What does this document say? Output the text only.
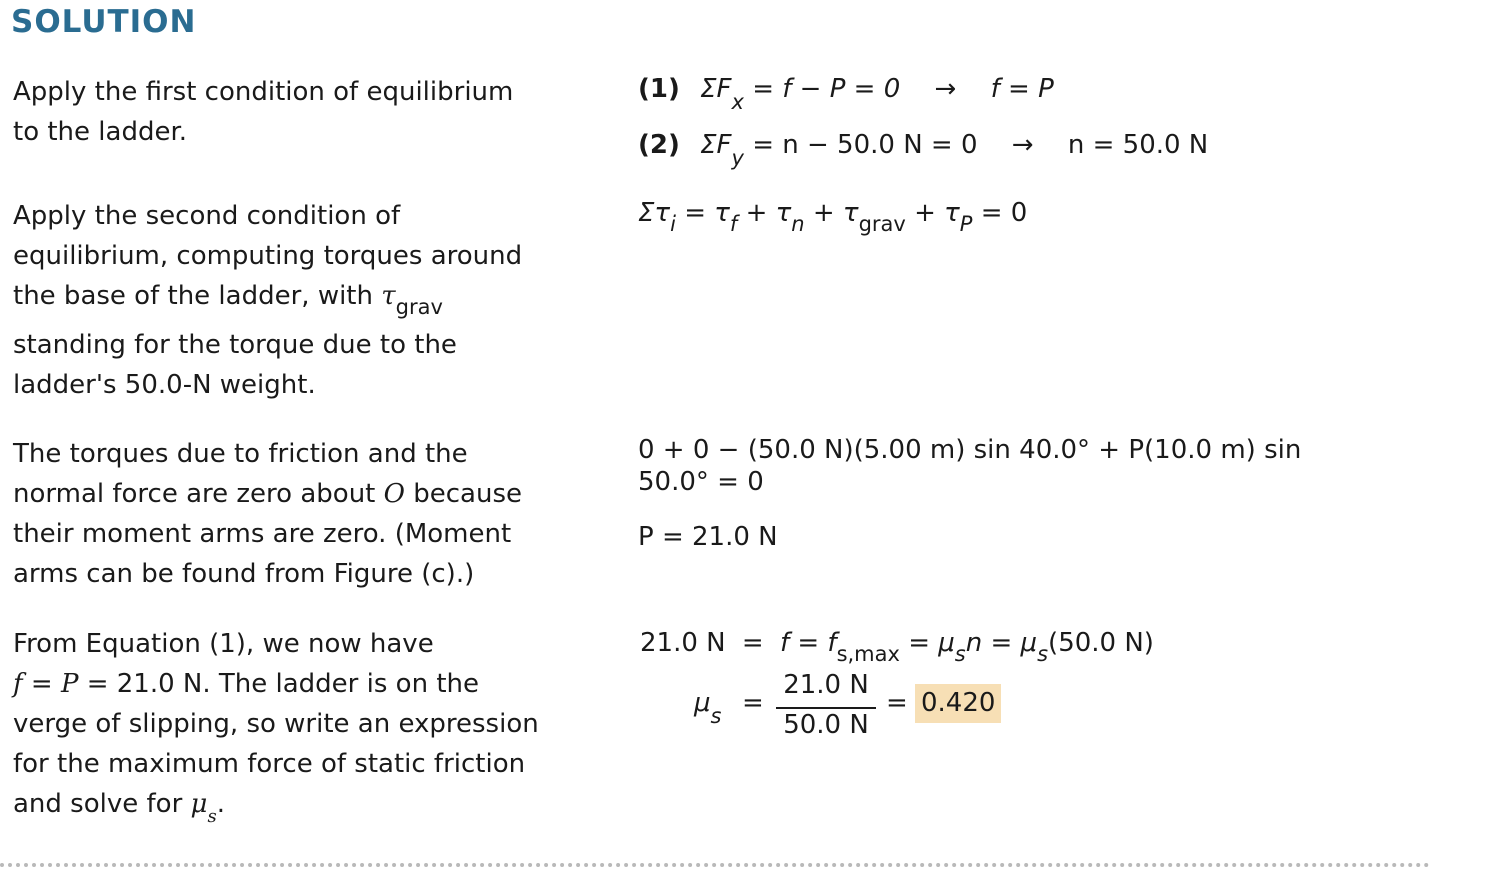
SOLUTION
Apply the first condition of equilibrium to the ladder.
(1) $\Sigma F_x = f - P = 0 \to f = P$
(2) $\Sigma F_y = n - 50.0$ N = 0 → n = 50.0 N
Apply the second condition of equilibrium, computing torques around the base of the ladder, with $\tau_{grav}$
standing for the torque due to the ladder's 50.0-N weight.
$\Sigma\tau_i = \tau_f + \tau_n + \tau_{grav} + \tau_P = 0$
The torques due to friction and the normal force are zero about O because their moment arms are zero. (Moment arms can be found from Figure (c).)
0 + 0 − (50.0 N)(5.00 m) sin 40.0° + P(10.0 m) sin
50.0° = 0
P = 21.0 N
From Equation (1), we now have
f = P = 21.0 N. The ladder is on the verge of slipping, so write an expression for the maximum force of static friction and solve for $\mu_s$.
21.0 $N = f = f_{s,max} = \mu_sn = \mu_s(50.0$ N)
$\mu_s$ =
21.0 N
50.0 N
= 0.420
